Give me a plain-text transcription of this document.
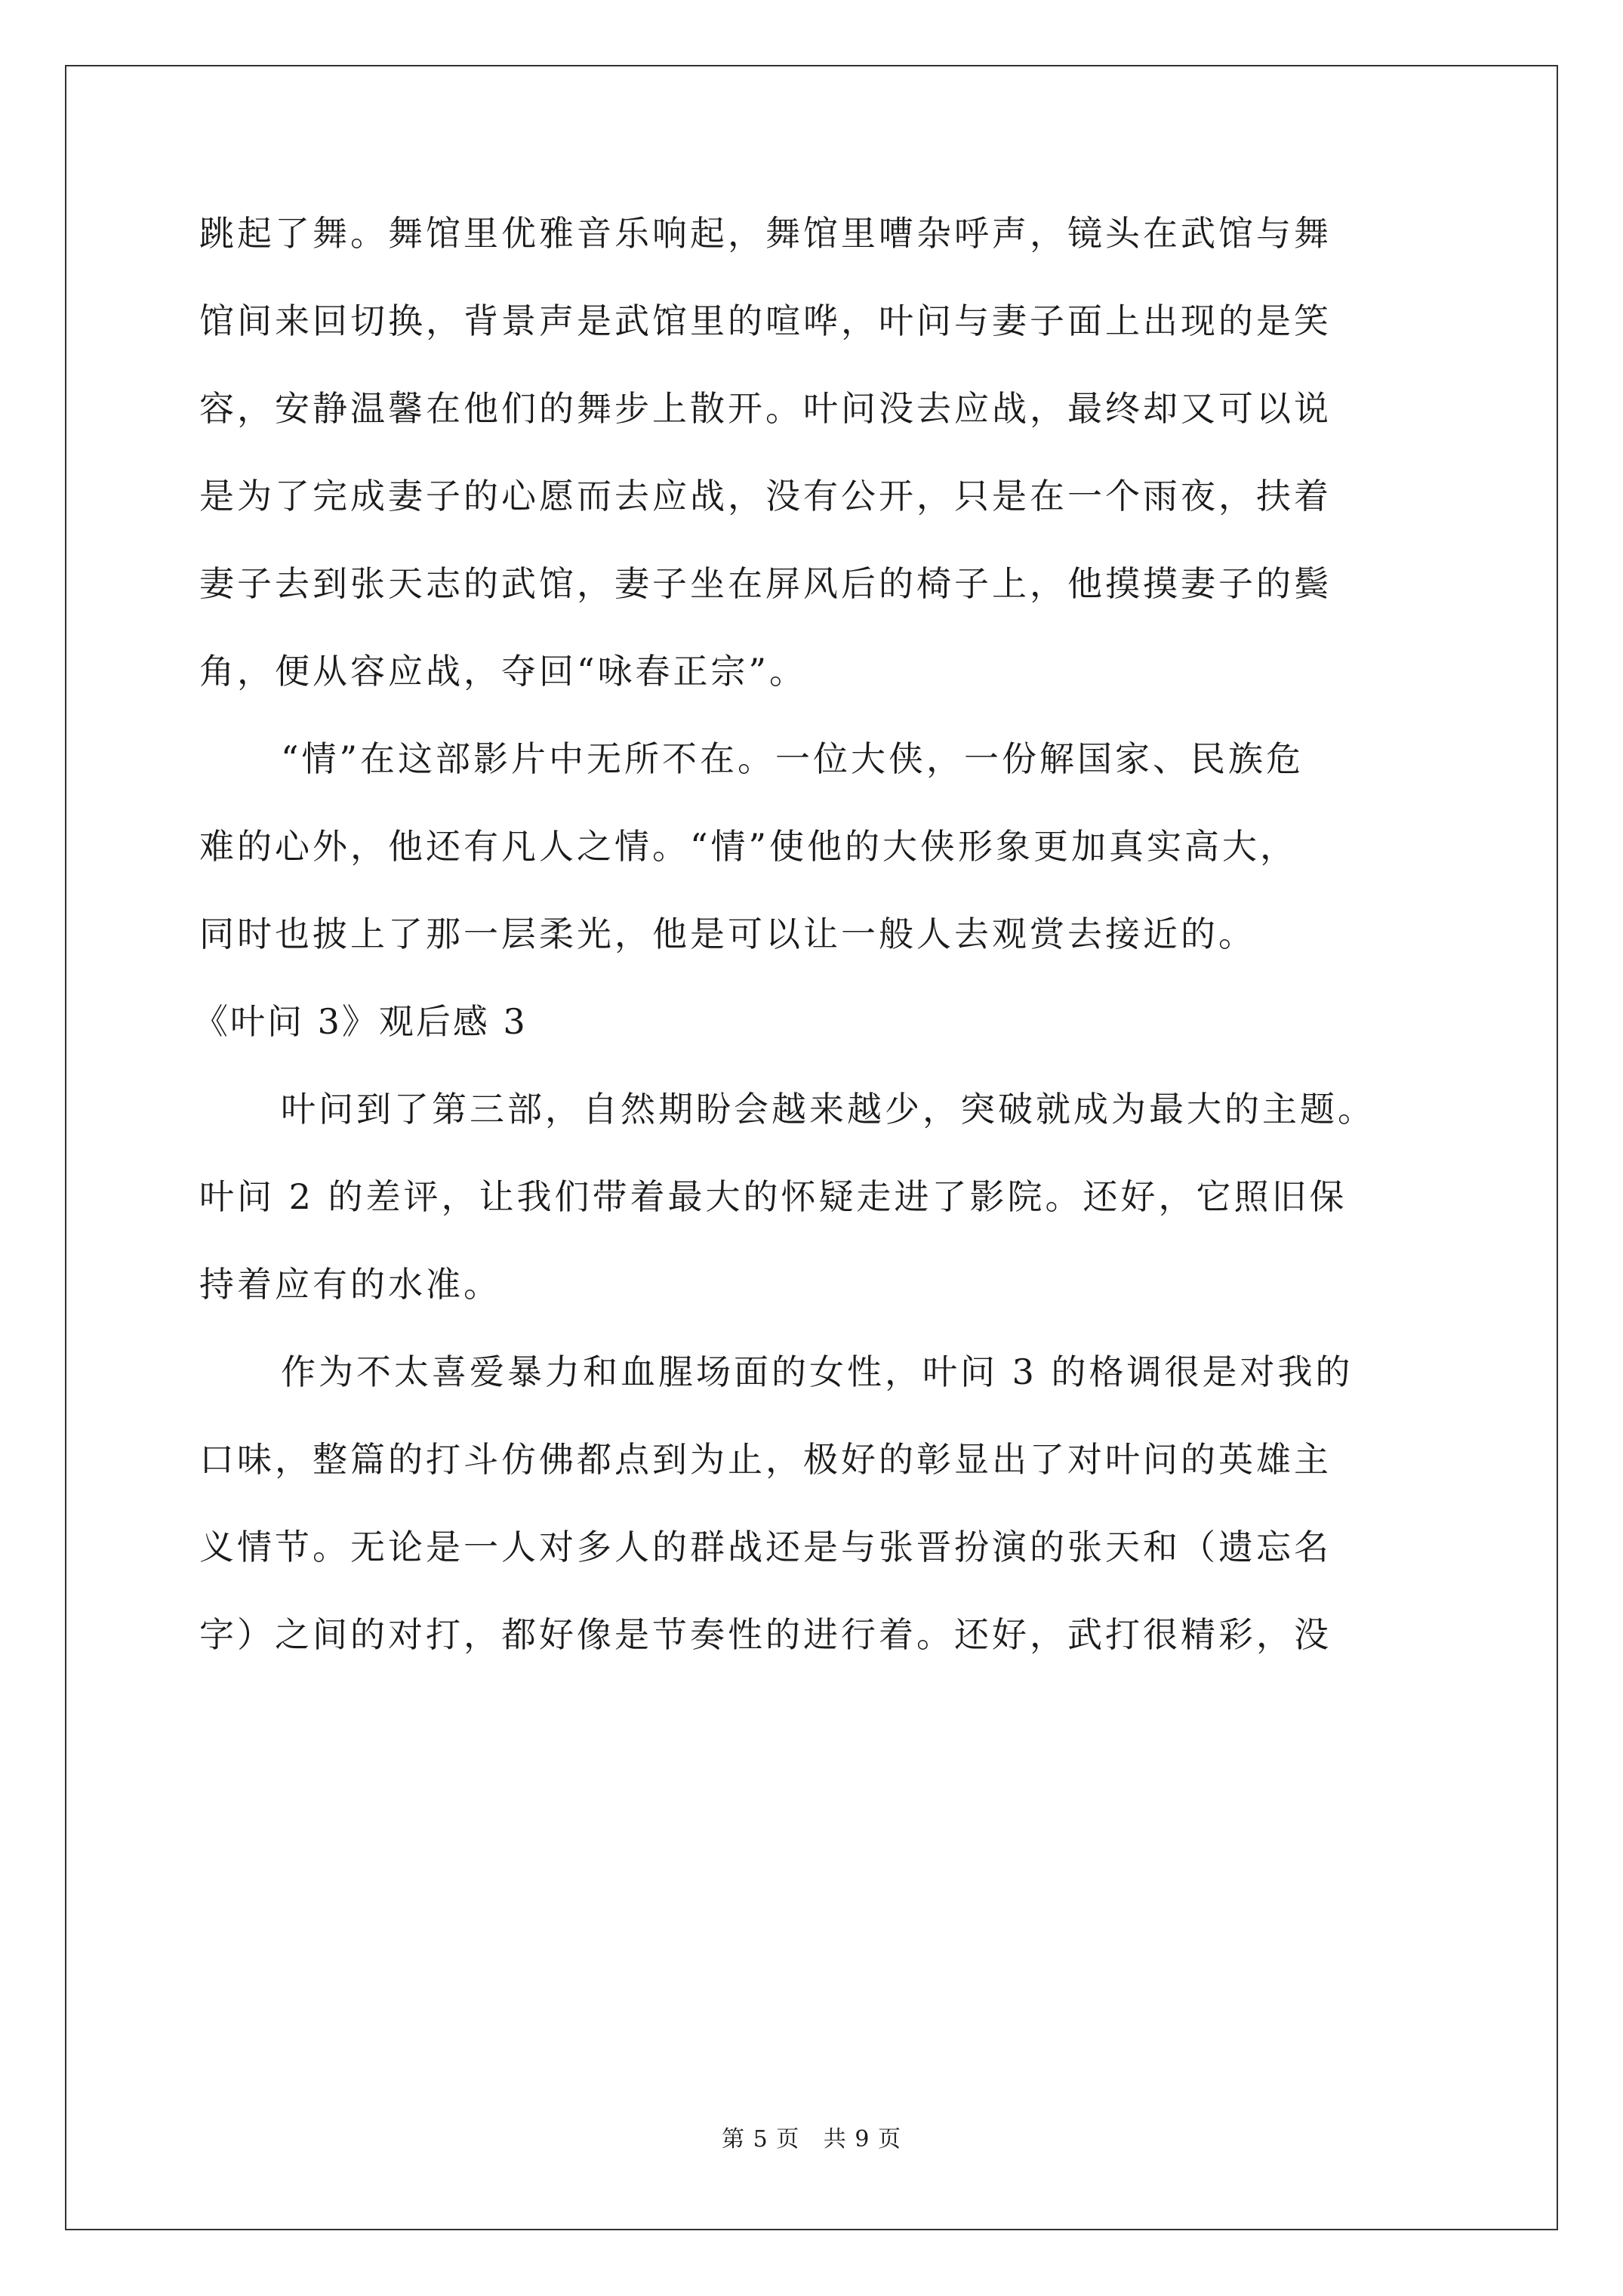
跳起了舞。舞馆里优雅音乐响起，舞馆里嘈杂呼声，镜头在武馆与舞
馆间来回切换，背景声是武馆里的喧哗，叶问与妻子面上出现的是笑
容，安静温馨在他们的舞步上散开。叶问没去应战，最终却又可以说
是为了完成妻子的心愿而去应战，没有公开，只是在一个雨夜，扶着
妻子去到张天志的武馆，妻子坐在屏风后的椅子上，他摸摸妻子的鬓
角，便从容应战，夺回“咏春正宗”。
“情”在这部影片中无所不在。一位大侠，一份解国家、民族危
难的心外，他还有凡人之情。“情”使他的大侠形象更加真实高大，
同时也披上了那一层柔光，他是可以让一般人去观赏去接近的。
《叶问 3》观后感 3
叶问到了第三部，自然期盼会越来越少，突破就成为最大的主题。
叶问 2 的差评，让我们带着最大的怀疑走进了影院。还好，它照旧保
持着应有的水准。
作为不太喜爱暴力和血腥场面的女性，叶问 3 的格调很是对我的
口味，整篇的打斗仿佛都点到为止，极好的彰显出了对叶问的英雄主
义情节。无论是一人对多人的群战还是与张晋扮演的张天和（遗忘名
字）之间的对打，都好像是节奏性的进行着。还好，武打很精彩，没
第 5 页   共 9 页
